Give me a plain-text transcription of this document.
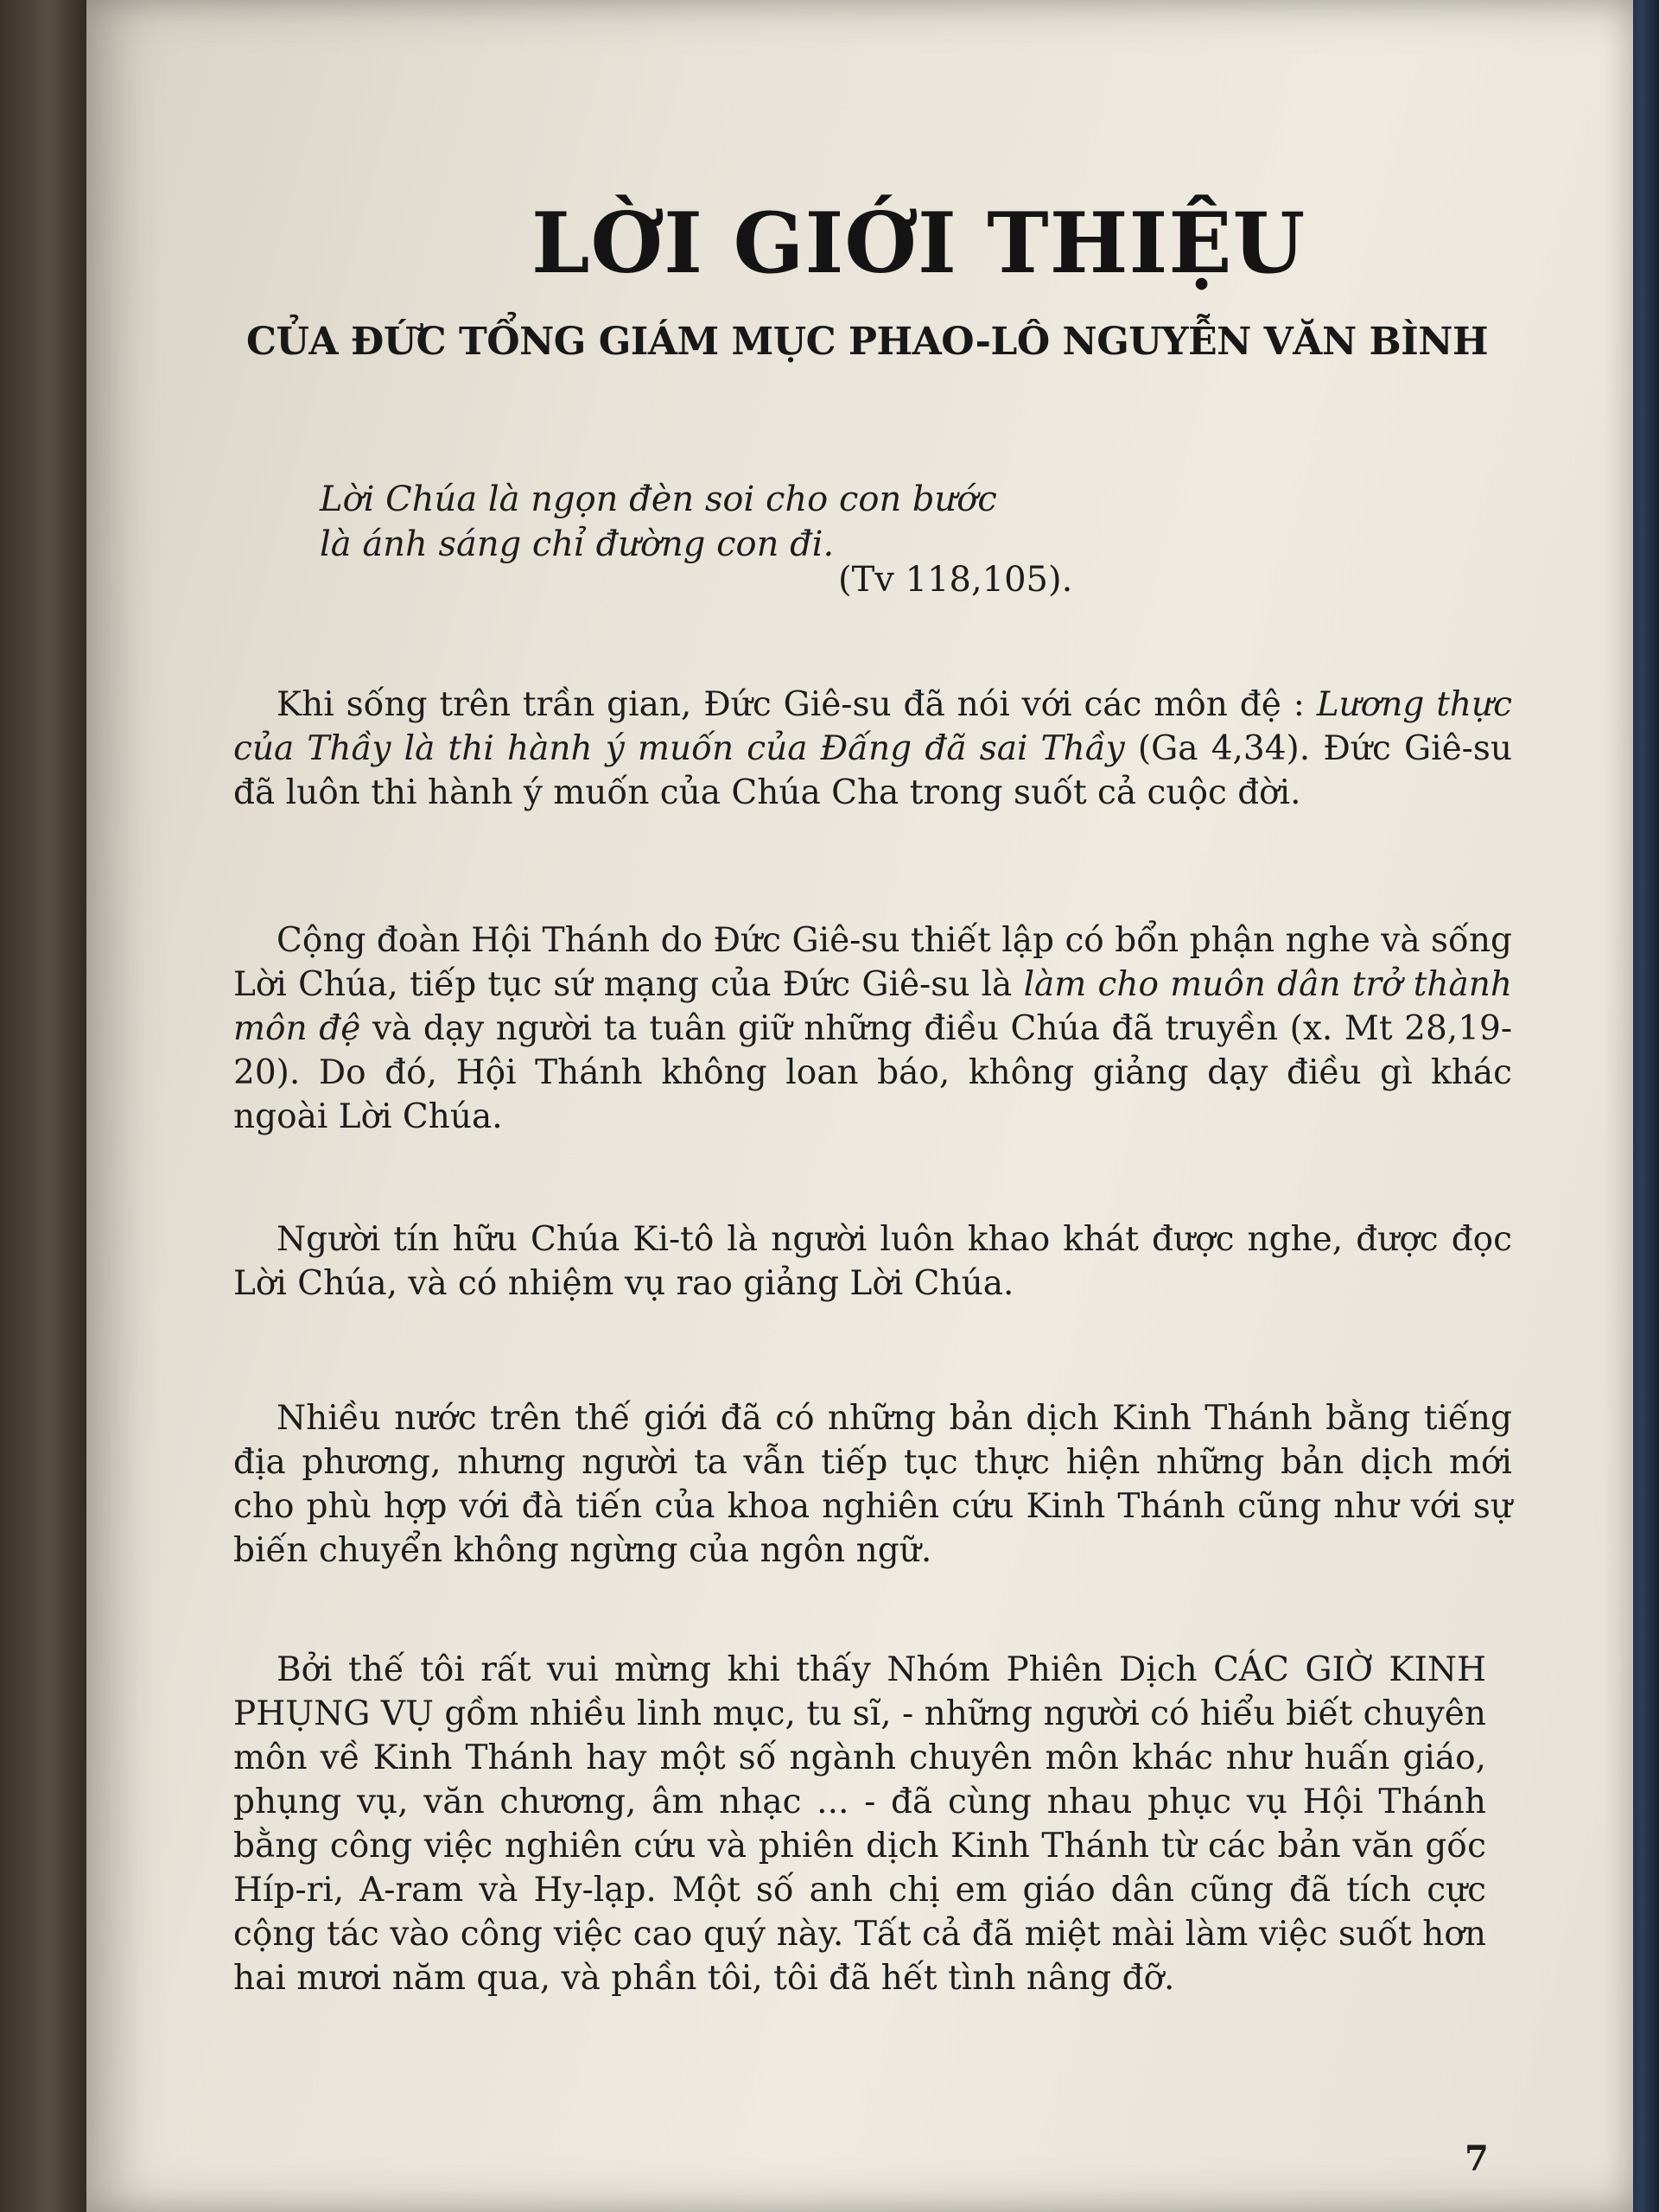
LỜI GIỚI THIỆU
CỦA ĐỨC TỔNG GIÁM MỤC PHAO-LÔ NGUYỄN VĂN BÌNH
Lời Chúa là ngọn đèn soi cho con bước
là ánh sáng chỉ đường con đi.
(Tv 118,105).

Khi sống trên trần gian, Đức Giê-su đã nói với các môn đệ : Lương thực của Thầy là thi hành ý muốn của Đấng đã sai Thầy (Ga 4,34). Đức Giê-su đã luôn thi hành ý muốn của Chúa Cha trong suốt cả cuộc đời.

Cộng đoàn Hội Thánh do Đức Giê-su thiết lập có bổn phận nghe và sống Lời Chúa, tiếp tục sứ mạng của Đức Giê-su là làm cho muôn dân trở thành môn đệ và dạy người ta tuân giữ những điều Chúa đã truyền (x. Mt 28,19-20). Do đó, Hội Thánh không loan báo, không giảng dạy điều gì khác ngoài Lời Chúa.

Người tín hữu Chúa Ki-tô là người luôn khao khát được nghe, được đọc Lời Chúa, và có nhiệm vụ rao giảng Lời Chúa.

Nhiều nước trên thế giới đã có những bản dịch Kinh Thánh bằng tiếng địa phương, nhưng người ta vẫn tiếp tục thực hiện những bản dịch mới cho phù hợp với đà tiến của khoa nghiên cứu Kinh Thánh cũng như với sự biến chuyển không ngừng của ngôn ngữ.

Bởi thế tôi rất vui mừng khi thấy Nhóm Phiên Dịch CÁC GIỜ KINH PHỤNG VỤ gồm nhiều linh mục, tu sĩ, - những người có hiểu biết chuyên môn về Kinh Thánh hay một số ngành chuyên môn khác như huấn giáo, phụng vụ, văn chương, âm nhạc ... - đã cùng nhau phục vụ Hội Thánh bằng công việc nghiên cứu và phiên dịch Kinh Thánh từ các bản văn gốc Híp-ri, A-ram và Hy-lạp. Một số anh chị em giáo dân cũng đã tích cực cộng tác vào công việc cao quý này. Tất cả đã miệt mài làm việc suốt hơn hai mươi năm qua, và phần tôi, tôi đã hết tình nâng đỡ.

7
